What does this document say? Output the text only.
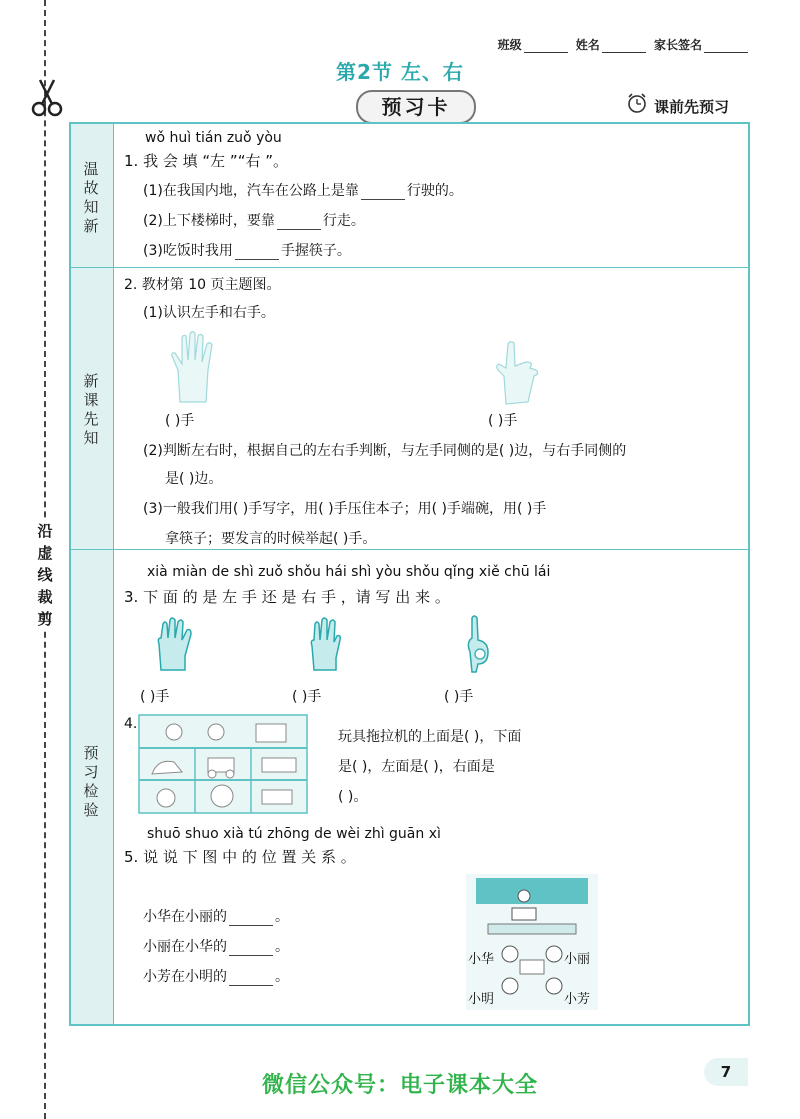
沿
虚
线
裁
剪
班级	姓名	家长签名
第2节 左、右
预习卡	课前先预习
温
故
知
新
新
课
先
知
预
习
检
验
wǒ huì tián zuǒ yòu
1. 我 会 填 “左 ”“右 ”。
(1)在我国内地，汽车在公路上是靠	行驶的。
(2)上下楼梯时，要靠	行走。
(3)吃饭时我用	手握筷子。
2. 教材第 10 页主题图。
(1)认识左手和右手。
( )手	( )手
(2)判断左右时，根据自己的左右手判断，与左手同侧的是( )边，与右手同侧的
是( )边。
(3)一般我们用( )手写字，用( )手压住本子；用( )手端碗，用( )手
拿筷子；要发言的时候举起( )手。
xià miàn de shì zuǒ shǒu hái shì yòu shǒu qǐng xiě chū lái
3. 下 面 的 是 左 手 还 是 右 手 ，请 写 出 来 。
( )手	( )手	( )手
4.
玩具拖拉机的上面是( )，下面
是( )，左面是( )，右面是
( )。
shuō shuo xià tú zhōng de wèi zhì guān xì
5. 说 说 下 图 中 的 位 置 关 系 。
小华在小丽的	。
小丽在小华的	。
小芳在小明的	。
小华	小丽
小明	小芳
7
微信公众号：电子课本大全
